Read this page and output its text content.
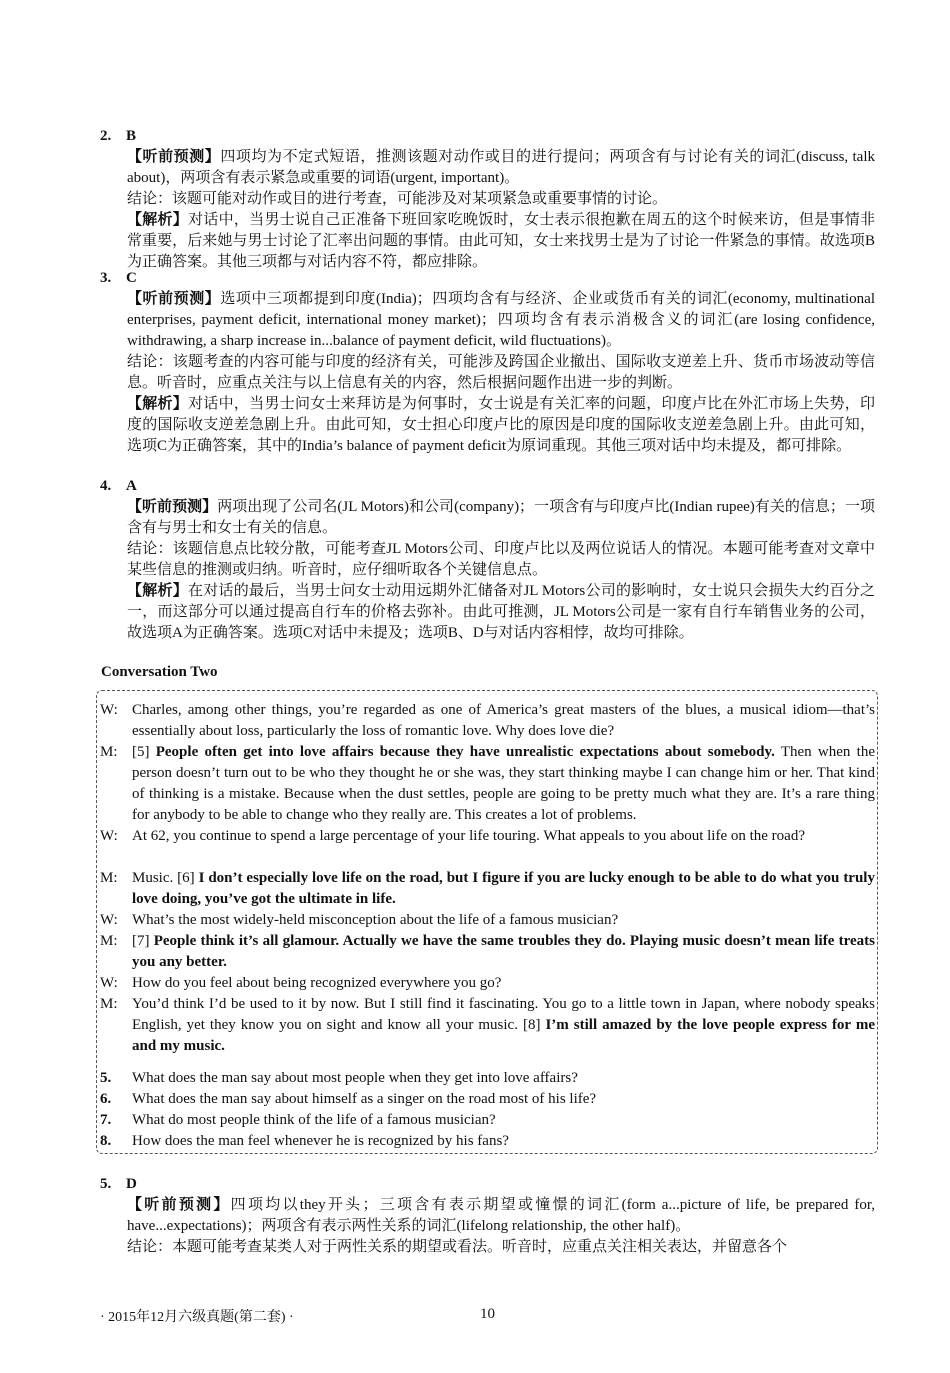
2. B
【听前预测】四项均为不定式短语，推测该题对动作或目的进行提问；两项含有与讨论有关的词汇(discuss, talk about)，两项含有表示紧急或重要的词语(urgent, important)。
结论：该题可能对动作或目的进行考查，可能涉及对某项紧急或重要事情的讨论。
【解析】对话中，当男士说自己正准备下班回家吃晚饭时，女士表示很抱歉在周五的这个时候来访，但是事情非常重要，后来她与男士讨论了汇率出问题的事情。由此可知，女士来找男士是为了讨论一件紧急的事情。故选项B为正确答案。其他三项都与对话内容不符，都应排除。
3. C
【听前预测】选项中三项都提到印度(India)；四项均含有与经济、企业或货币有关的词汇(economy, multinational enterprises, payment deficit, international money market)；四项均含有表示消极含义的词汇(are losing confidence, withdrawing, a sharp increase in...balance of payment deficit, wild fluctuations)。
结论：该题考查的内容可能与印度的经济有关，可能涉及跨国企业撤出、国际收支逆差上升、货币市场波动等信息。听音时，应重点关注与以上信息有关的内容，然后根据问题作出进一步的判断。
【解析】对话中，当男士问女士来拜访是为何事时，女士说是有关汇率的问题，印度卢比在外汇市场上失势，印度的国际收支逆差急剧上升。由此可知，女士担心印度卢比的原因是印度的国际收支逆差急剧上升。由此可知，选项C为正确答案，其中的India’s balance of payment deficit为原词重现。其他三项对话中均未提及，都可排除。
4. A
【听前预测】两项出现了公司名(JL Motors)和公司(company)；一项含有与印度卢比(Indian rupee)有关的信息；一项含有与男士和女士有关的信息。
结论：该题信息点比较分散，可能考查JL Motors公司、印度卢比以及两位说话人的情况。本题可能考查对文章中某些信息的推测或归纳。听音时，应仔细听取各个关键信息点。
【解析】在对话的最后，当男士问女士动用远期外汇储备对JL Motors公司的影响时，女士说只会损失大约百分之一，而这部分可以通过提高自行车的价格去弥补。由此可推测，JL Motors公司是一家有自行车销售业务的公司，故选项A为正确答案。选项C对话中未提及；选项B、D与对话内容相悖，故均可排除。
Conversation Two
W: Charles, among other things, you’re regarded as one of America’s great masters of the blues, a musical idiom—that’s essentially about loss, particularly the loss of romantic love. Why does love die?
M: [5] People often get into love affairs because they have unrealistic expectations about somebody. Then when the person doesn’t turn out to be who they thought he or she was, they start thinking maybe I can change him or her. That kind of thinking is a mistake. Because when the dust settles, people are going to be pretty much what they are. It’s a rare thing for anybody to be able to change who they really are. This creates a lot of problems.
W: At 62, you continue to spend a large percentage of your life touring. What appeals to you about life on the road?
M: Music. [6] I don’t especially love life on the road, but I figure if you are lucky enough to be able to do what you truly love doing, you’ve got the ultimate in life.
W: What’s the most widely-held misconception about the life of a famous musician?
M: [7] People think it’s all glamour. Actually we have the same troubles they do. Playing music doesn’t mean life treats you any better.
W: How do you feel about being recognized everywhere you go?
M: You’d think I’d be used to it by now. But I still find it fascinating. You go to a little town in Japan, where nobody speaks English, yet they know you on sight and know all your music. [8] I’m still amazed by the love people express for me and my music.
5. What does the man say about most people when they get into love affairs?
6. What does the man say about himself as a singer on the road most of his life?
7. What do most people think of the life of a famous musician?
8. How does the man feel whenever he is recognized by his fans?
5. D
【听前预测】四项均以they开头；三项含有表示期望或憧憬的词汇(form a...picture of life, be prepared for, have...expectations)；两项含有表示两性关系的词汇(lifelong relationship, the other half)。
结论：本题可能考查某类人对于两性关系的期望或看法。听音时，应重点关注相关表达，并留意各个
· 2015年12月六级真题(第二套) ·	10
